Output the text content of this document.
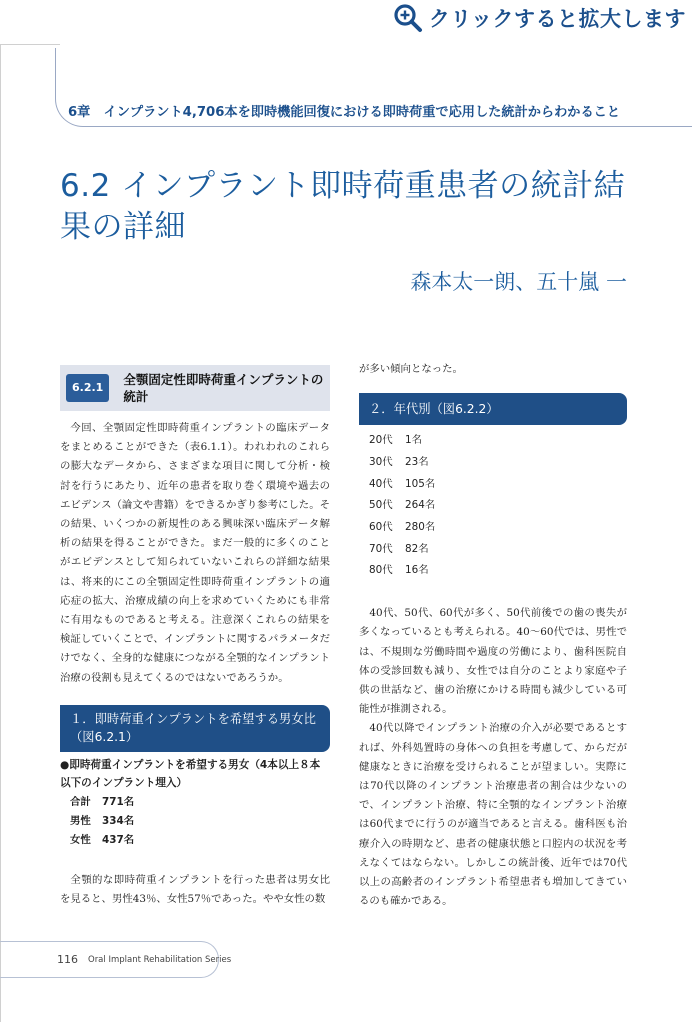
クリックすると拡大します
6章　インプラント4,706本を即時機能回復における即時荷重で応用した統計からわかること
6.2 インプラント即時荷重患者の統計結果の詳細
森本太一朗、五十嵐 一
6.2.1
全顎固定性即時荷重インプラントの統計

今回、全顎固定性即時荷重インプラントの臨床データをまとめることができた（表6.1.1）。われわれのこれらの膨大なデータから、さまざまな項目に関して分析・検討を行うにあたり、近年の患者を取り巻く環境や過去のエビデンス（論文や書籍）をできるかぎり参考にした。その結果、いくつかの新規性のある興味深い臨床データ解析の結果を得ることができた。まだ一般的に多くのことがエビデンスとして知られていないこれらの詳細な結果は、将来的にこの全顎固定性即時荷重インプラントの適応症の拡大、治療成績の向上を求めていくためにも非常に有用なものであると考える。注意深くこれらの結果を検証していくことで、インプラントに関するパラメータだけでなく、全身的な健康につながる全顎的なインプラント治療の役割も見えてくるのではないであろうか。

１．即時荷重インプラントを希望する男女比（図6.2.1）
●即時荷重インプラントを希望する男女（4本以上８本以下のインプラント埋入）
合計 771名
男性 334名
女性 437名

全顎的な即時荷重インプラントを行った患者は男女比を見ると、男性43％、女性57％であった。やや女性の数

が多い傾向となった。

２．年代別（図6.2.2）
20代 1名
30代 23名
40代 105名
50代 264名
60代 280名
70代 82名
80代 16名

40代、50代、60代が多く、50代前後での歯の喪失が多くなっているとも考えられる。40～60代では、男性では、不規則な労働時間や過度の労働により、歯科医院自体の受診回数も減り、女性では自分のことより家庭や子供の世話など、歯の治療にかける時間も減少している可能性が推測される。

40代以降でインプラント治療の介入が必要であるとすれば、外科処置時の身体への負担を考慮して、からだが健康なときに治療を受けられることが望ましい。実際には70代以降のインプラント治療患者の割合は少ないので、インプラント治療、特に全顎的なインプラント治療は60代までに行うのが適当であると言える。歯科医も治療介入の時期など、患者の健康状態と口腔内の状況を考えなくてはならない。しかしこの統計後、近年では70代以上の高齢者のインプラント希望患者も増加してきているのも確かである。

116 Oral Implant Rehabilitation Series
